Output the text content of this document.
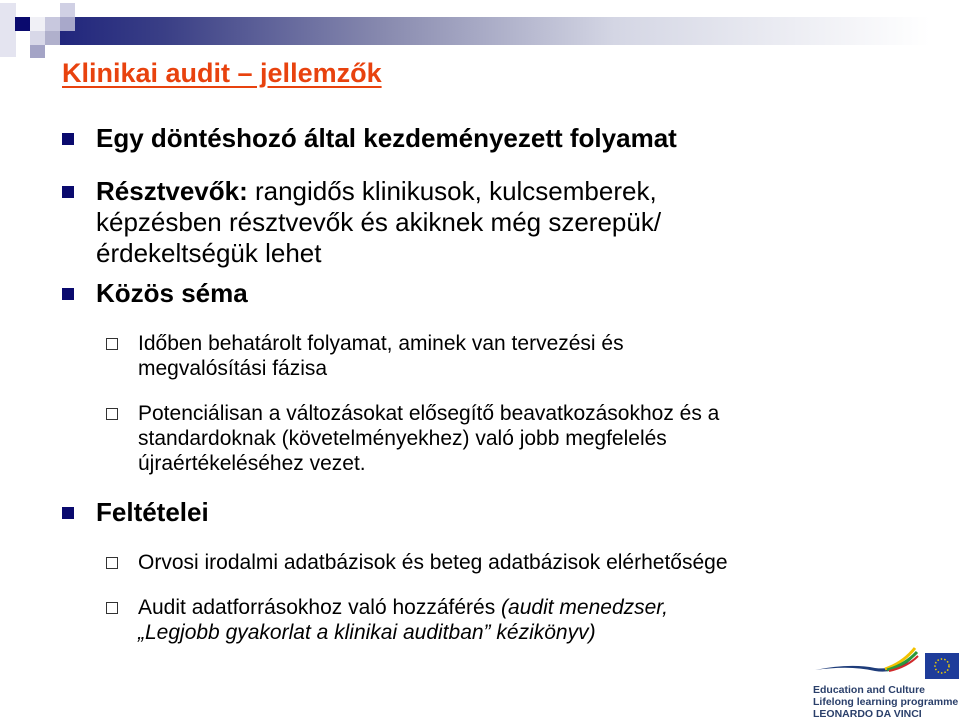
Klinikai audit – jellemzők
Egy döntéshozó által kezdeményezett folyamat
Résztvevők: rangidős klinikusok, kulcsemberek,
képzésben résztvevők és akiknek még szerepük/
érdekeltségük lehet
Közös séma
Időben behatárolt folyamat, aminek van tervezési és
megvalósítási fázisa
Potenciálisan a változásokat elősegítő beavatkozásokhoz és a
standardoknak (követelményekhez) való jobb megfelelés
újraértékeléséhez vezet.
Feltételei
Orvosi irodalmi adatbázisok és beteg adatbázisok elérhetősége
Audit adatforrásokhoz való hozzáférés (audit menedzser,
„Legjobb gyakorlat a klinikai auditban” kézikönyv)
Education and Culture
Lifelong learning programme
LEONARDO DA VINCI
